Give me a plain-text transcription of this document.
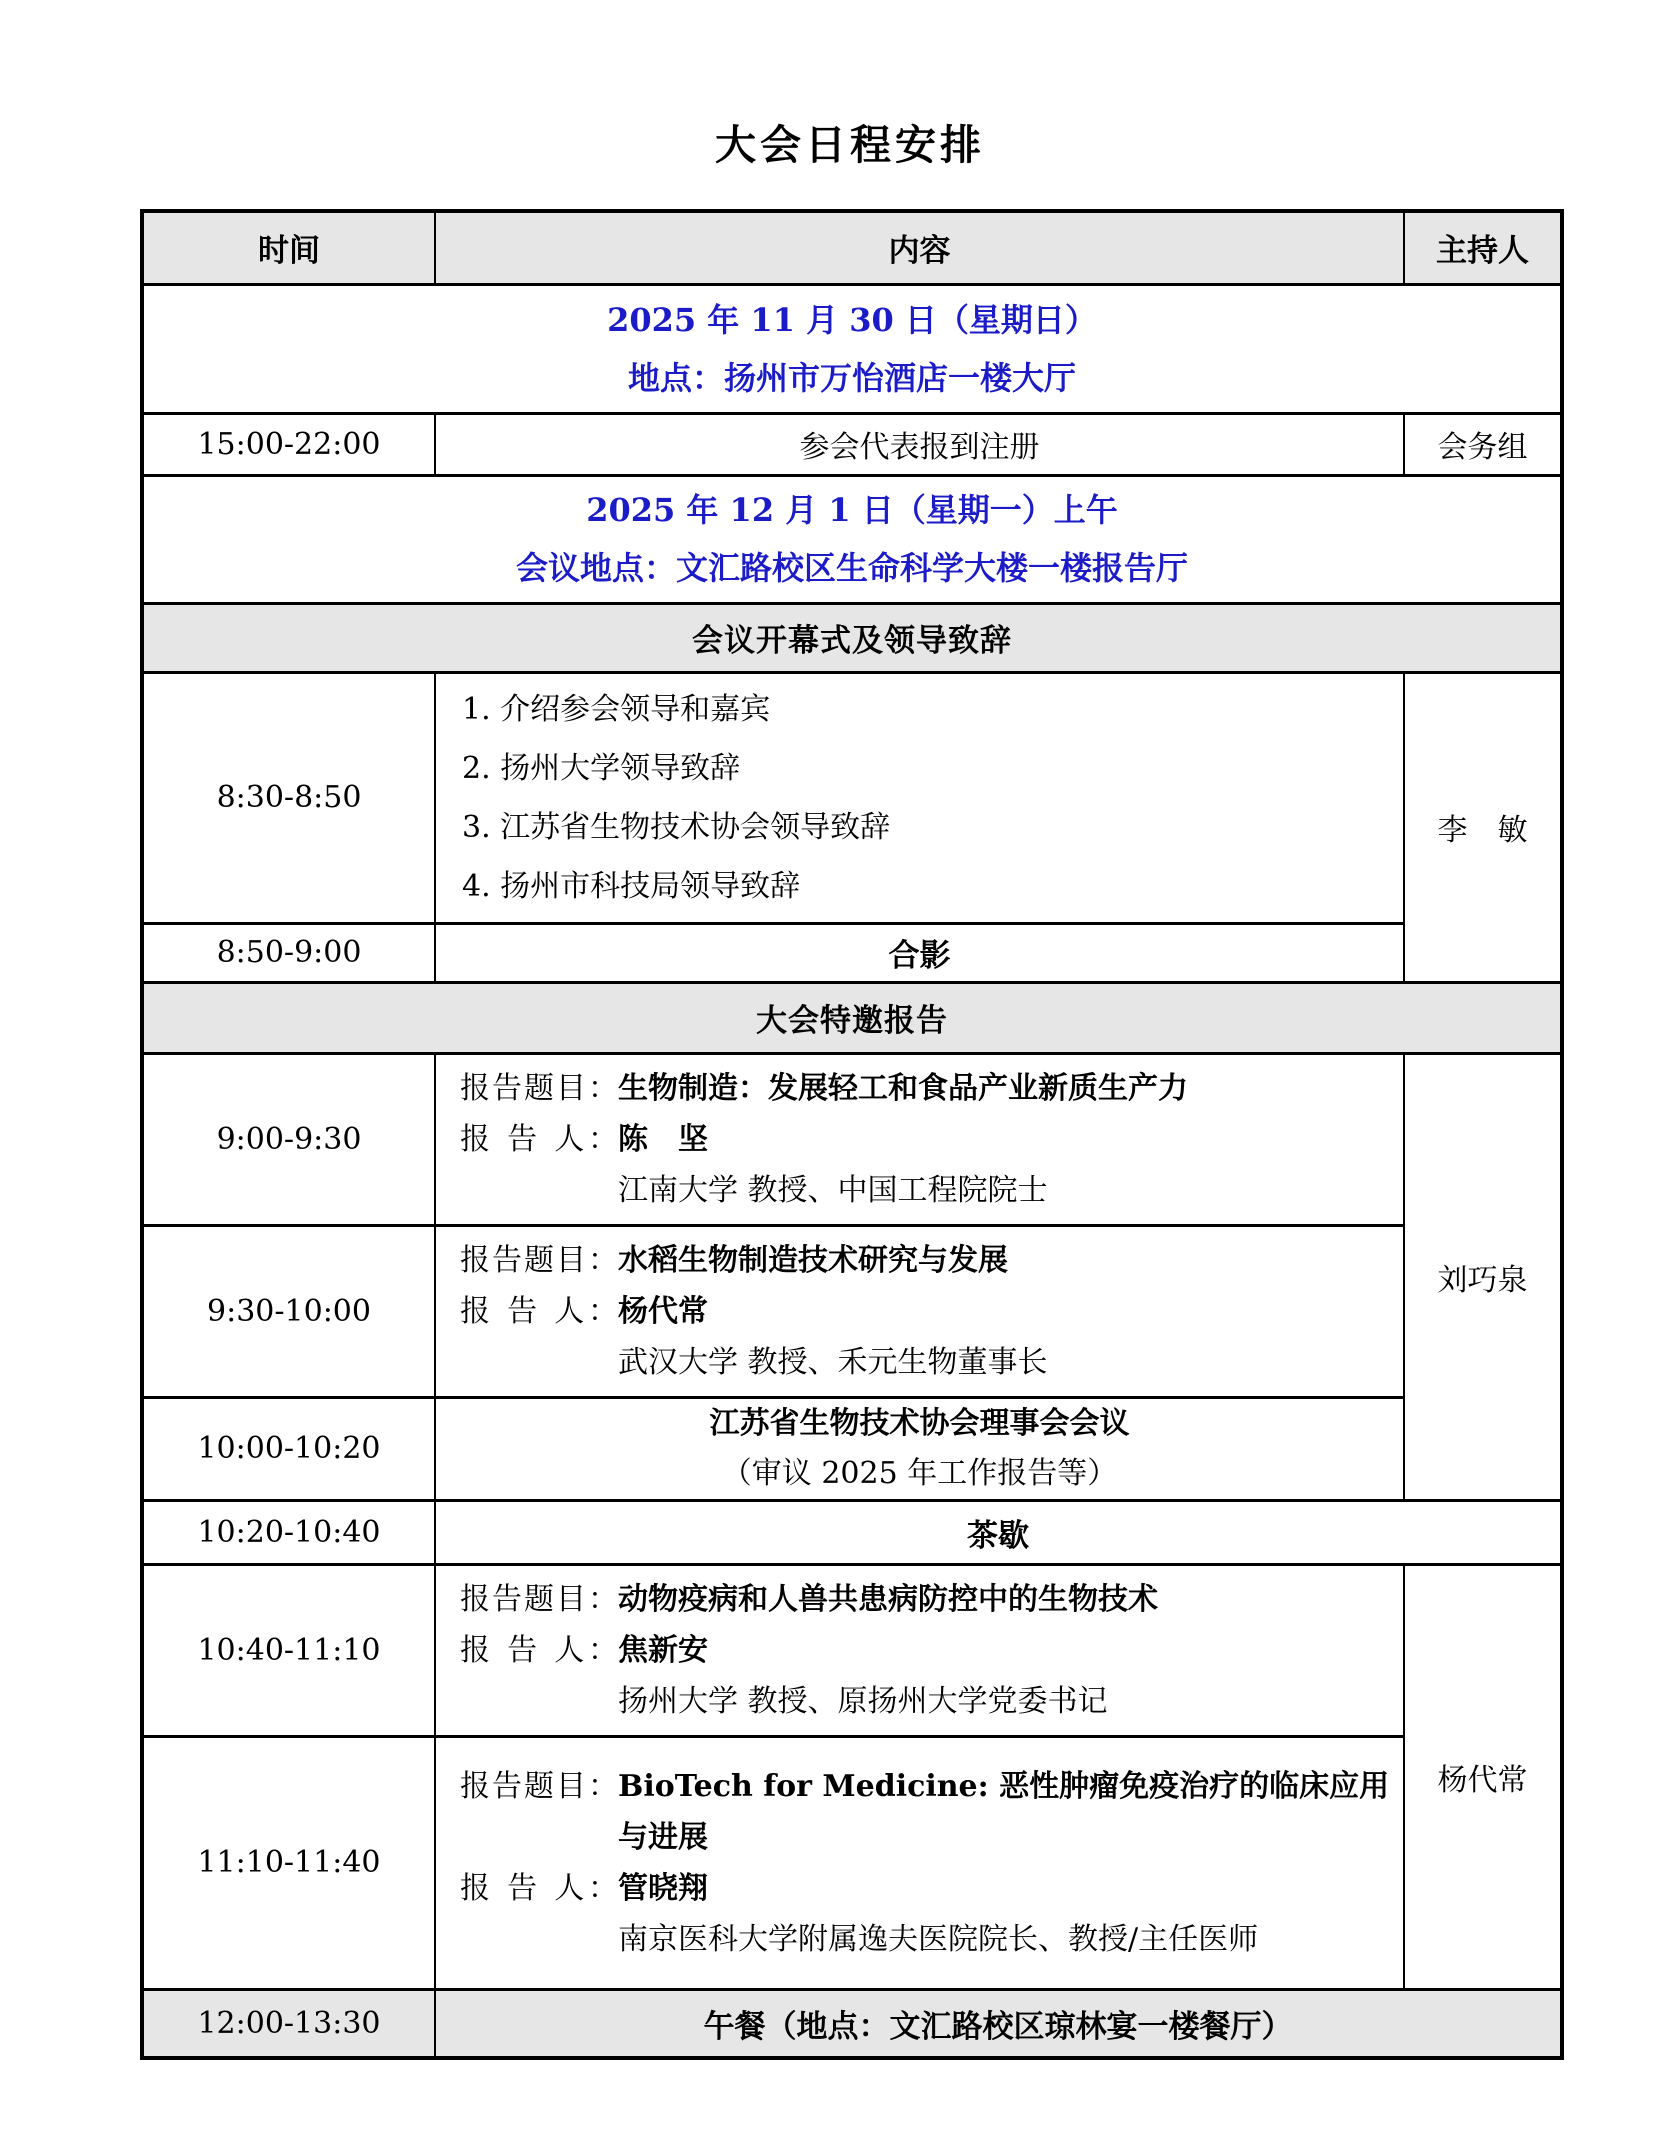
大会日程安排
时间	内容	主持人

2025 年 11 月 30 日（星期日）
地点：扬州市万怡酒店一楼大厅		

15:00-22:00	参会代表报到注册	会务组

2025 年 12 月 1 日（星期一）上午
会议地点：文汇路校区生命科学大楼一楼报告厅		

会议开幕式及领导致辞		
8:30-8:50	1. 介绍参会领导和嘉宾
2. 扬州大学领导致辞
3. 江苏省生物技术协会领导致辞
4. 扬州市科技局领导致辞	李　敏
8:50-9:00	合影	
大会特邀报告		
9:00-9:30	报告题目： 生物制造：发展轻工和食品产业新质生产力
报 告 人： 陈　坚
江南大学 教授、中国工程院院士	刘巧泉
9:30-10:00	报告题目： 水稻生物制造技术研究与发展
报 告 人： 杨代常
武汉大学 教授、禾元生物董事长	

10:00-10:20	江苏省生物技术协会理事会会议
（审议 2025 年工作报告等）	

10:20-10:40	茶歇	
10:40-11:10	报告题目： 动物疫病和人兽共患病防控中的生物技术
报 告 人： 焦新安
扬州大学 教授、原扬州大学党委书记	杨代常
11:10-11:40	报告题目： BioTech for Medicine: 恶性肿瘤免疫治疗的临床应用与进展
报 告 人： 管晓翔
南京医科大学附属逸夫医院院长、教授/主任医师	

12:00-13:30	午餐（地点：文汇路校区琼林宴一楼餐厅）	
